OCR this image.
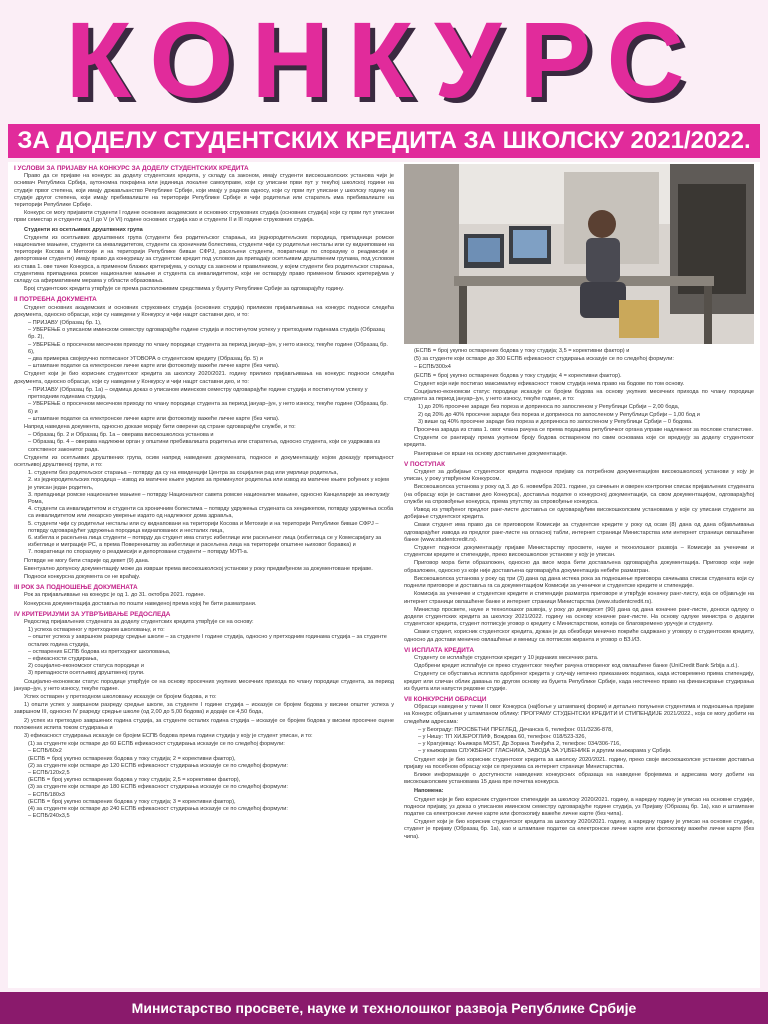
КОНКУРС
ЗА ДОДЕЛУ СТУДЕНТСКИХ КРЕДИТА ЗА ШКОЛСКУ 2021/2022.
I УСЛОВИ ЗА ПРИЈАВУ НА КОНКУРС ЗА ДОДЕЛУ СТУДЕНТСКИХ КРЕДИТА

Право да се пријаве на конкурс за доделу студентских кредита, у складу са законом, имају студенти високошколских установа чији је оснивач Република Србија, аутономна покрајина или јединица локалне самоуправе, који су уписани први пут у текућој школској години на студије првог степена, који имају држављанство Републике Србије, који имају у радном односу, који су први пут уписани у школску годину на студије другог степена, који имају пребивалиште на територији Републике Србије и чији родитељи или старатељ има пребивалиште на територији Републике Србије.

Конкурс се могу пријавити студенти I године основних академских и основних струковних студија (основних студија) који су први пут уписани први семестар и студенти од II до V (и VI) године основних студија као и студенти II и III године струковних студија.

Студенти из осетљивих друштвених група

Студенти из осетљивих друштвених група (студенти без родитељског старања, из једнородитељских породица, припадници ромске националне мањине, студенти са инвалидитетом, студенти са хроничним болестима, студенти чији су родитељи несталы или су кидниповани на територији Косова и Метохије и на територији Републике бивше СФРЈ, расељени студенти, повратници по споразуму о реадмисији и депортовани студенти) имају право да конкуришу за студентски кредит под условом да припадају осетљивим друштвеним групама, под условом из става 1. ове тачке Конкурса, а применом блажих критеријума, у складу са законом и правилником, у којем студенти без родитељског старања, студентима припадника ромске националне мањине и студента са инвалидитетом, који не остварују право применом блажих критеријума у складу са афирмативним мерама у области образовања.

Број студентских кредита утврђује се према расположивим средствима у буџету Републике Србије за одговарајућу годину.

II ПОТРЕБНА ДОКУМЕНТА

Студент основних академских и основних струковних студија (основних студија) приликом пријављивања на конкурс подноси следећа документа, односно обрасце, који су наведени у Конкурсу и чији нацрт саставни део, и то:

– ПРИЈАВУ (Образац бр. 1),
– УВЕРЕЊЕ о уписаном иминском семестру одговарајуће године студија и постигнутом успеху у претходним годинама студија (Образац бр. 2),
– УВЕРЕЊЕ о просечном месечном приходу по члану породице студента за период јануар–јун, у нето износу, текуће године (Образац бр. 6),
– два примерка својеручно потписаног УГОВОРА о студентском кредиту (Образац бр. 5) и
– штампане податке са електронске личне карте или фотокопију важеће личне карте (без чипа).

Студент који је био корисник студентског кредита за школску 2020/2021. годину прилико пријављивања на конкурс подноси следећа документа, односно обрасце, који су наведени у Конкурсу и чији нацрт саставни део, и то:

– ПРИЈАВУ (Образац бр. 1а) – седмица доказ о уписаном иминском семестру одговарајуће године студија и постигнутом успеху у претходним годинама студија,
– УВЕРЕЊЕ о просечном месечном приходу по члану породице студента за период јануар–јун, у нето износу, текуће године (Образац бр. 6) и
– штампане податке са електронске личне карте или фотокопију важеће личне карте (без чипа).

Напред наведена документа, односно доказе морају бити оверени од стране одговарајуће службе, и то:

– Образац бр. 2 и Образац бр. 1а – оверава високошколска установа и
– Образац бр. 4 – оверава надлежни орган у општини пребивалишта родитеља или старатеља, односно студента, који се уздржава из сопственог законитог рада.

Студенти из осетљивих друштвених група, осим напред наведених докумената, подносе и документацију којом доказују припадност осетљивој друштвеној групи, и то:

1. студенти без родитељског старања – потврду да су на евиденцији Центра за социјални рад или умрлице родитеља,
2. из једнородитељских породица – извод из матичне књиге умрлих за преминулог родитеља или извод из матичне књиге рођених у којем је уписан један родитељ,
3. припадници ромске националне мањине – потврду Националног савета ромске националне мањине, односно Канцеларије за инклузију Рома,
4. студенти са инвалидитетом и студенти са хроничним болестима – потврду удружења студената са хендикепом, потврду удружења особа са инвалидитетом или лекарско уверење издато од надлежног дома здравља,
5. студенти чији су родитељи несталы или су киднаповани на територији Косова и Метохије и на територији Републике бивше СФРЈ – потврду одговарајућег удружења породица киднапованих и несталих лица,
6. избегла и расељена лица студенти – потврду да студент има статус избеглице или расељеног лица (избеглица се у Комесаријату за избеглице и миграције РС, а према Повереништву за избеглице и расељена лица на територији општине њиховог боравка) и
7. повратници по споразуму о реадмисији и депортовани студенти – потврду МУП-а.

Потврде не могу бити старије од девет (9) дана.

Евентуално допунску документацију може да изврши према високошколској установи у року предвиђеном за документоване пријаве.

Подноси конкурсна документа се не враћају.

III РОК ЗА ПОДНОШЕЊЕ ДОКУМЕНАТА

Рок за пријављивање на конкурс је од 1. до 31. октобра 2021. године.

Конкурсна документација доставља по пошти наведеној према којој ће бити разматрани.

IV КРИТЕРИЈУМИ ЗА УТВРЂИВАЊЕ РЕДОСЛЕДА

Редослед пријављених студената за доделу студентских кредита утврђује се на основу:

1) успеха оствареног у претходном школовању, и то:
– општег успеха у завршном разреду средње школе – за студенте I године студија, односно у претходним годинама студија – за студенте осталих година студија,
– остварених ЕСПБ бодова из претходног школовања,
– ефикасности студирања,
2) социјално-економског статуса породице и
3) припадности осетљивој друштвеној групи.

Социјално-економски статус породице утврђује се на основу просечних укупних месечних прихода по члану породице студента, за период јануар–јун, у нето износу, текуће године.

Успех остварен у претходном школовању исказује се бројем бодова, и то:

1) општи успех у завршном разреду средње школе, за студенте I године студија – исказује се бројем бодова у висини општег успеха у завршном III, односно IV разреду средње школе (од 2,00 до 5,00 бодова) и додаје се 4,50 бода,

2) успех из претходно завршених година студија, за студенте осталих година студија – исказује се бројем бодова у висини просечне оцене положених испита током студирања и

3) ефикасност студирања исказује се бројем ЕСПБ бодова према години студија у коју је студент уписан, и то:

(1) за студенте који остваре до 60 ЕСПБ ефикасност студирања исказује се по следећој формули:
– ЕСПБ/60х2
(ЕСПБ = број укупно остварених бодова у току студија; 2 = корективни фактор),
(2) за студенте који остваре до 120 ЕСПБ ефикасност студирања исказује се по следећој формули:
– ЕСПБ/120х2,5
(ЕСПБ = број укупно остварених бодова у току студија; 2,5 = корективни фактор),
(3) за студенте који остваре до 180 ЕСПБ ефикасност студирања исказује се по следећој формули:
– ЕСПБ/180х3
(ЕСПБ = број укупно остварених бодова у току студија; 3 = корективни фактор),
(4) за студенте који остваре до 240 ЕСПБ ефикасност студирања исказује се по следећој формули:
– ЕСПБ/240х3,5

(ЕСПБ = број укупно остварених бодова у току студија; 3,5 = корективни фактор) и

(5) за студенте који остваре до 300 ЕСПБ ефикасност студирања исказује се по следећој формули:

– ЕСПБ/300х4

(ЕСПБ = број укупно остварених бодова у току студија; 4 = корективни фактор).

Студент који није постигао максималну ефикасност током студија нема право на бодове по том основу.

Социјално-економски статус породице исказује се бројем бодова на основу укупних месечних прихода по члану породице студента за период јануар–јун, у нето износу, текуће године, и то:

1) до 20% просечне зараде без пореза и доприноса по запосленом у Републици Србији – 2,00 бода,
2) од 20% до 40% просечне зараде без пореза и доприноса по запосленом у Републици Србији – 1,00 бод и
3) више од 40% просечне зараде без пореза и доприноса по запосленом у Републици Србији – 0 бодова.

Просечна зарада из става 1. овог члана рачуна се према подацима републичког органа управе надлежног за послове статистике.

Студенти се рангирају према укупном броју бодова оствареном по свим основама које се вреднују за доделу студентског кредита.

Рангирање се врши на основу достављене документације.

V ПОСТУПАК

Студент за добијање студентског кредита подноси пријаву са потребном документацијом високошколској установи у коју је уписан, у року утврђеном Конкурсом.

Високошколска установа у року од 3. до 6. новембра 2021. године, уз сачињен и оверен контролни списак пријављених студената (на обрасцу који је саставни део Конкурса), доставља податке о конкурсној документацији, са свом документацијом, одговарајућој служби на спровођење конкурса, према упутству за спровођење конкурса.

Извод из утврђеног предлог ранг-листе доставља се одговарајућим високошколским установама у које су уписани студенти за добијање студентског кредита.

Сваки студент има право да се приговором Комисији за студентске кредите у року од осам (8) дана од дана објављивања одговарајућег извода из предлог ранг-листе на огласној табли, интернет страници Министарства или интернет страници овлашћене банке (www.studentcredit.rs).

Студент подноси документацију пријаве Министарству просвете, науке и технолошког развоја – Комисији за учeнички и студентски кредите и стипендије, преко високошколске установе у коју је уписан.

Приговор мора бити образложен, односно да висе мора бити достављена одговарајућа документација. Приговор који није образложен, односно уз који није достављена одговарајућа документација небиће разматран.

Високошколска установа у року од три (3) дана од дана истека рока за подношење приговора сачињава списак студената који су поднели приговоре и доставља га са документацијом Комисији за ученичке и студентске кредите и стипендије.

Комисија за ученичке и студентске кредите и стипендије разматра приговоре и утврђује коначну ранг-листу, која се објављује на интернет страници овлашћене банке и интернет страници Министарства (www.studentcredit.rs).

Министар просвете, науке и технолошког развоја, у року до деведесет (90) дана од дана коначне ранг-листе, доноси одлуку о додели студентских кредита за школску 2021/2022. годину на основу коначне ранг-листе. На основу одлуке министра о додели студентског кредита, студент потписује уговор о кредиту с Министарством, копија се благовремено уручује и студенту.

Сваки студент, корисник студентског кредита, дужан је да обезбеди менично покриће садржано у уговору о студентском кредиту, односно да достави менично овлашћење и меницу са потписом жиранта и уговор о ВЗ.ИЗ.

VI ИСПЛАТА КРЕДИТА

Студенту се исплаћује студентски кредит у 10 једнаких месечних рата.

Одобрени кредит исплаћује се преко студентског текућег рачуна отвореног код овлашћене банке (UniCredit Bank Srbija a.d.).

Студенту се обуставља исплата одобреног кредита у случају нетачно приказаних података, када истовремено прима стипендију, кредит или сличан облик давања по другом основу из буџета Републике Србије, када нестечено право на финансирање студирања из буџета или напусти редовне студије.

VII КОНКУРСНИ ОБРАСЦИ

Обрасци наведени у тачки II овог Конкурса (најбоље у штампаној форми) и детаљно попуњени студентима и подношења пријаве на Конкурс објављени у штампаном облику: ПРОГРАМУ СТУДЕНТСКИ КРЕДИТИ И СТИПЕНДИЈЕ 2021/2022., која се могу добити на следећим адресама:

– у Београду: ПРОСВЕТНИ ПРЕГЛЕД, Дечанска 6, телефон: 011/3236-878,
– у Нишу: ТП ХИЈЕРОГЛИФ, Вождова 60, телефон: 018/523-326,
– у Крагујевцу: Књижара MOST, Др Зорана Ђинђића 2, телефон: 034/306-716,
– у књижарама СЛУЖБЕНОГ ГЛАСНИКА, ЗАВОДА ЗА УЏБЕНИКЕ и другим књижарама у Србији.

Студент који је био корисник студентског кредита за школску 2020/2021. годину, преко своје високошколске установе доставља пријаву на посебном обрасцу који се преузима са интернет странице Министарства.

Ближе информације о доступности наведених конкурсних образаца на наведене бројевима и адресама могу добити на високошколским установама 15 дана пре почетка конкурса.

Напомена:

Студент који је био корисник студентске стипендије за школску 2020/2021. годину, а наредну годину је уписао на основне студије, подноси пријаву, уз доказ о уписаном иминском семестру одговарајуће године студија, уз Пријаву (Образац бр. 1а), као и штампане податке са електронске личне карте или фотокопију важеће личне карте (без чипа).

Студент који је био корисник студентског кредита за школску 2020/2021. годину, а наредну годину је уписао на основне студије, студент је пријаву (Образац бр. 1а), као и штампане податке са електронске личне карте или фотокопију важеће личне карте (без чипа).

Министарство просвете, науке и технолошког развоја Републике Србије
